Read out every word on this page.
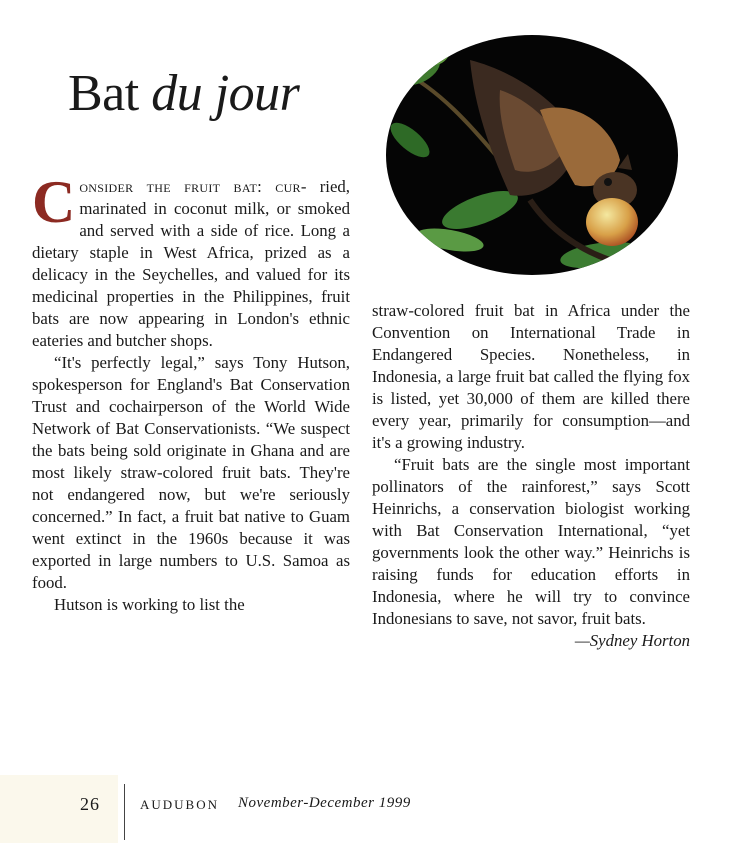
Bat du jour

Consider the fruit bat: cur- ried, marinated in coconut milk, or smoked and served with a side of rice. Long a dietary staple in West Africa, prized as a delicacy in the Seychelles, and valued for its medicinal properties in the Philippines, fruit bats are now appearing in London's ethnic eateries and butcher shops.

“It's perfectly legal,” says Tony Hutson, spokesperson for England's Bat Conservation Trust and cochairperson of the World Wide Network of Bat Conservationists. “We suspect the bats being sold originate in Ghana and are most likely straw-colored fruit bats. They're not endangered now, but we're seriously concerned.” In fact, a fruit bat native to Guam went extinct in the 1960s because it was exported in large numbers to U.S. Samoa as food.

Hutson is working to list the

straw-colored fruit bat in Africa under the Convention on International Trade in Endangered Species. Nonetheless, in Indonesia, a large fruit bat called the flying fox is listed, yet 30,000 of them are killed there every year, primarily for consumption—and it's a growing industry.

“Fruit bats are the single most important pollinators of the rainforest,” says Scott Heinrichs, a conservation biologist working with Bat Conservation International, “yet governments look the other way.” Heinrichs is raising funds for education efforts in Indonesia, where he will try to convince Indonesians to save, not savor, fruit bats.
—Sydney Horton

26	AUDUBON November-December 1999
